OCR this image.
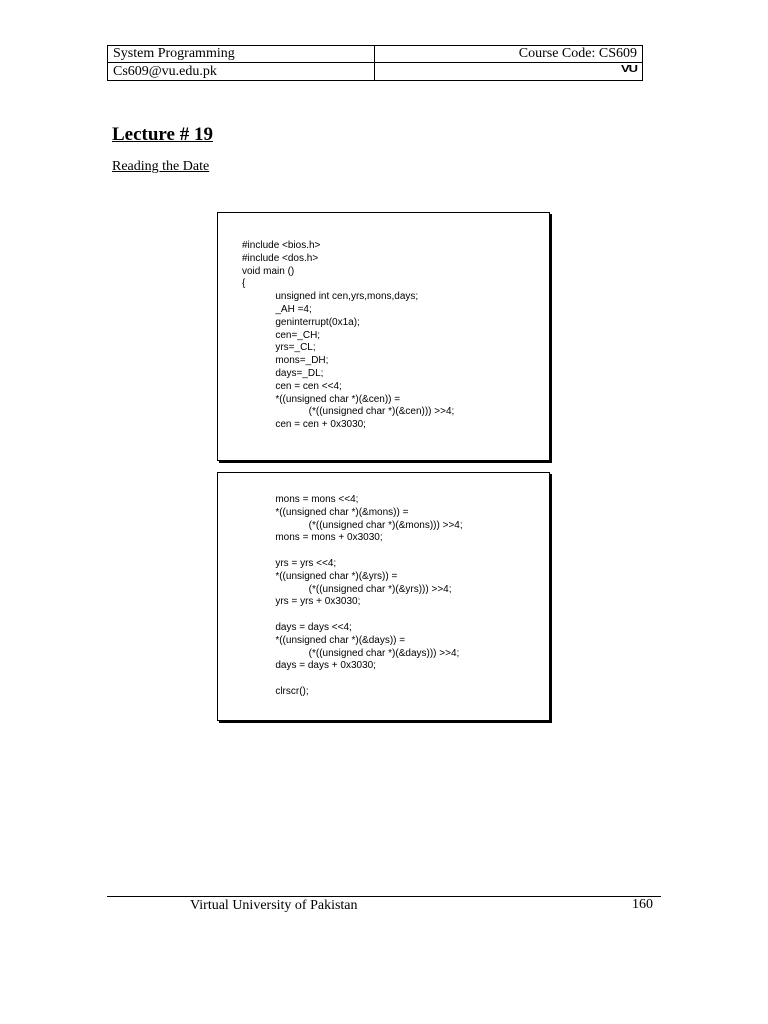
System Programming	Course Code: CS609
Cs609@vu.edu.pk	VU
Lecture # 19
Reading the Date
#include <bios.h>
#include <dos.h>
void main ()
{
unsigned int cen,yrs,mons,days;
_AH =4;
geninterrupt(0x1a);
cen=_CH;
yrs=_CL;
mons=_DH;
days=_DL;
cen = cen <<4;
*((unsigned char *)(&cen)) =
(*((unsigned char *)(&cen))) >>4;
cen = cen + 0x3030;
mons = mons <<4;
*((unsigned char *)(&mons)) =
(*((unsigned char *)(&mons))) >>4;
mons = mons + 0x3030;

yrs = yrs <<4;
*((unsigned char *)(&yrs)) =
(*((unsigned char *)(&yrs))) >>4;
yrs = yrs + 0x3030;

days = days <<4;
*((unsigned char *)(&days)) =
(*((unsigned char *)(&days))) >>4;
days = days + 0x3030;

clrscr();
Virtual University of Pakistan	160
